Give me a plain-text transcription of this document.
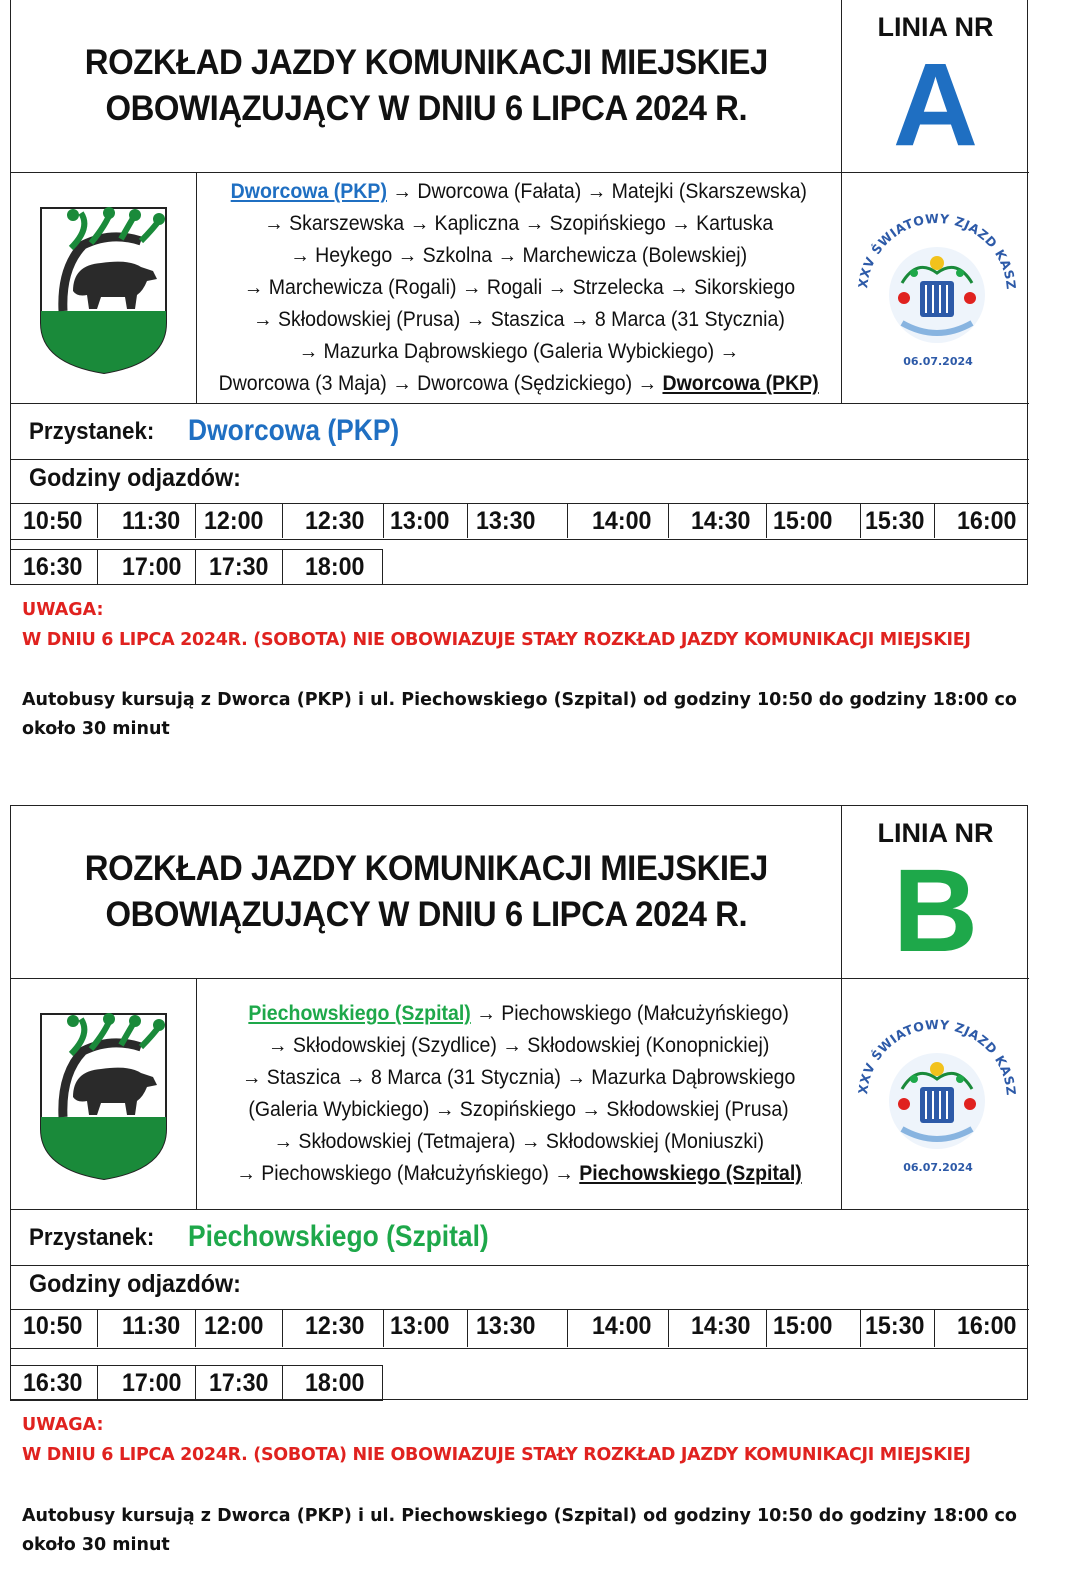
ROZKŁAD JAZDY KOMUNIKACJI MIEJSKIEJ
OBOWIĄZUJĄCY W DNIU 6 LIPCA 2024 R.
LINIA NR
A
Dworcowa (PKP) → Dworcowa (Fałata) → Matejki (Skarszewska)
→ Skarszewska → Kapliczna → Szopińskiego → Kartuska
→ Heykego → Szkolna → Marchewicza (Bolewskiej)
→ Marchewicza (Rogali) → Rogali → Strzelecka → Sikorskiego
→ Skłodowskiej (Prusa) → Staszica → 8 Marca (31 Stycznia)
→ Mazurka Dąbrowskiego (Galeria Wybickiego) →
Dworcowa (3 Maja) → Dworcowa (Sędzickiego) → Dworcowa (PKP)
XXV ŚWIATOWY ZJAZD KASZ
06.07.2024
Przystanek: Dworcowa (PKP)
Godziny odjazdów:
10:50	11:30 12:00	12:30	13:00	13:30	14:00	14:30 15:00	15:30	16:00
16:30	17:00	17:30	18:00
UWAGA:
W DNIU 6 LIPCA 2024R. (SOBOTA) NIE OBOWIAZUJE STAŁY ROZKŁAD JAZDY KOMUNIKACJI MIEJSKIEJ
Autobusy kursują z Dworca (PKP) i ul. Piechowskiego (Szpital) od godziny 10:50 do godziny 18:00 co około 30 minut
ROZKŁAD JAZDY KOMUNIKACJI MIEJSKIEJ
OBOWIĄZUJĄCY W DNIU 6 LIPCA 2024 R.
LINIA NR
B
Piechowskiego (Szpital) → Piechowskiego (Małcużyńskiego)
→ Skłodowskiej (Szydlice) → Skłodowskiej (Konopnickiej)
→ Staszica → 8 Marca (31 Stycznia) → Mazurka Dąbrowskiego
(Galeria Wybickiego) → Szopińskiego → Skłodowskiej (Prusa)
→ Skłodowskiej (Tetmajera) → Skłodowskiej (Moniuszki)
→ Piechowskiego (Małcużyńskiego) → Piechowskiego (Szpital)
XXV ŚWIATOWY ZJAZD KASZ
06.07.2024
Przystanek: Piechowskiego (Szpital)
Godziny odjazdów:
10:50	11:30 12:00	12:30	13:00	13:30	14:00	14:30 15:00	15:30	16:00
16:30	17:00	17:30	18:00
UWAGA:
W DNIU 6 LIPCA 2024R. (SOBOTA) NIE OBOWIAZUJE STAŁY ROZKŁAD JAZDY KOMUNIKACJI MIEJSKIEJ
Autobusy kursują z Dworca (PKP) i ul. Piechowskiego (Szpital) od godziny 10:50 do godziny 18:00 co około 30 minut
